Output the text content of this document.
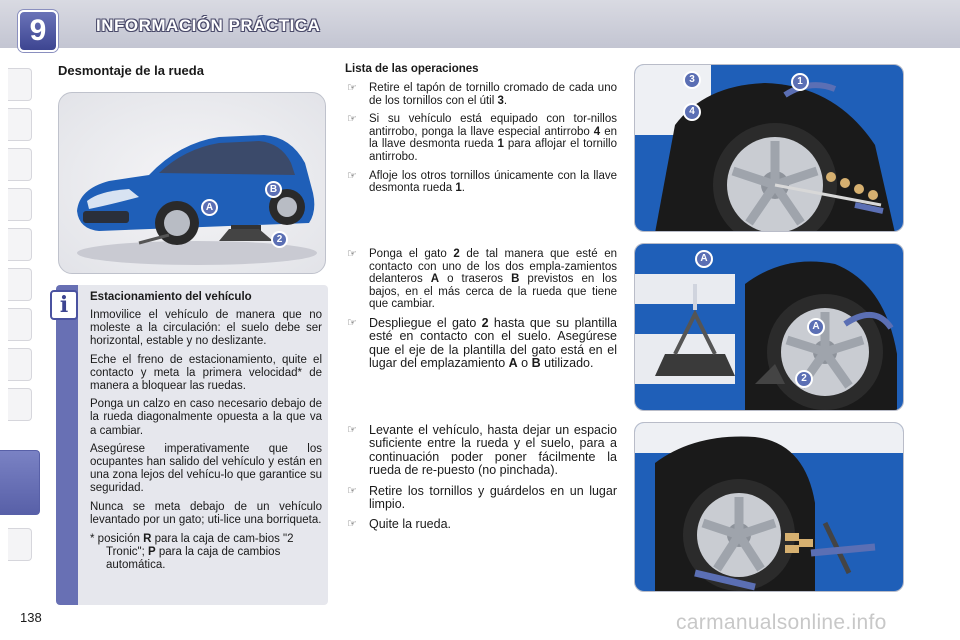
9	INFORMACIÓN PRÁCTICA
Desmontaje de la rueda
A
B
2
Estacionamiento del vehículo
Inmovilice el vehículo de manera que no moleste a la circulación: el suelo debe ser horizontal, estable y no deslizante.
Eche el freno de estacionamiento, quite el contacto y meta la primera velocidad* de manera a bloquear las ruedas.
Ponga un calzo en caso necesario debajo de la rueda diagonalmente opuesta a la que va a cambiar.
Asegúrese imperativamente que los ocupantes han salido del vehículo y están en una zona lejos del vehícu-lo que garantice su seguridad.
Nunca se meta debajo de un vehículo levantado por un gato; uti-lice una borriqueta.
* posición R para la caja de cam-bios "2 Tronic"; P para la caja de cambios automática.
i
Lista de las operaciones
☞ Retire el tapón de tornillo cromado de cada uno de los tornillos con el útil 3.
☞ Si su vehículo está equipado con tor-nillos antirrobo, ponga la llave especial antirrobo 4 en la llave desmonta rueda 1 para aflojar el tornillo antirrobo.
☞ Afloje los otros tornillos únicamente con la llave desmonta rueda 1.
☞ Ponga el gato 2 de tal manera que esté en contacto con uno de los dos empla-zamientos delanteros A o traseros B previstos en los bajos, en el más cerca de la rueda que tiene que cambiar.
☞ Despliegue el gato 2 hasta que su plantilla esté en contacto con el suelo. Asegúrese que el eje de la plantilla del gato está en el lugar del emplazamiento A o B utilizado.
☞ Levante el vehículo, hasta dejar un espacio suficiente entre la rueda y el suelo, para a continuación poder poner fácilmente la rueda de re-puesto (no pinchada).
☞ Retire los tornillos y guárdelos en un lugar limpio.
☞ Quite la rueda.
1
3
4
A
A
2
138	carmanualsonline.info
